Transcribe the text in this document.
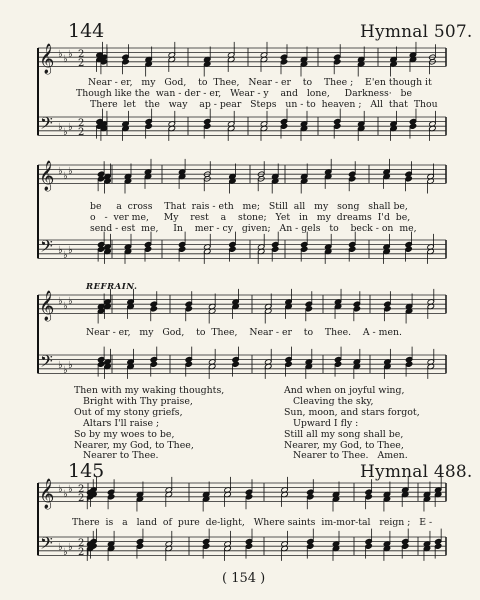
144	Hymnal 507.
𝄞
𝄢
♭
♭
♭
♭
♭
♭
2
2
2
2
𝄞
𝄢
♭
♭
♭
♭
♭
♭
𝄞
𝄢
♭
♭
♭
♭
♭
♭
𝄞
𝄢
♭
♭
♭
♭
♭
♭
2
2
2
2
Near - er,   my   God,    to  Thee,   Near - er    to    Thee ;    E'en though it
Though like the  wan - der - er,   Wear - y    and   lone,     Darkness·   be
There  let   the   way    ap - pear   Steps   un - to  heaven ;   All  that  Thou
be     a  cross    That  rais - eth   me;   Still  all   my   song   shall be,
o   -  ver me,     My    rest    a    stone;   Yet   in   my  dreams  I'd  be,
send - est  me,     In    mer - cy   given;   An - gels   to    beck - on  me,
REFRAIN.
Near - er,   my   God,    to  Thee,    Near - er    to    Thee.    A - men.
Then with my waking thoughts,
Bright with Thy praise,
Out of my stony griefs,
Altars I'll raise ;
So by my woes to be,
Nearer, my God, to Thee,
Nearer to Thee.
And when on joyful wing,
Cleaving the sky,
Sun, moon, and stars forgot,
Upward I fly :
Still all my song shall be,
Nearer, my God, to Thee,
Nearer to Thee.   Amen.
145	Hymnal 488.
There  is   a   land  of  pure  de-light,   Where saints  im-mor-tal   reign ;   E -
( 154 )
